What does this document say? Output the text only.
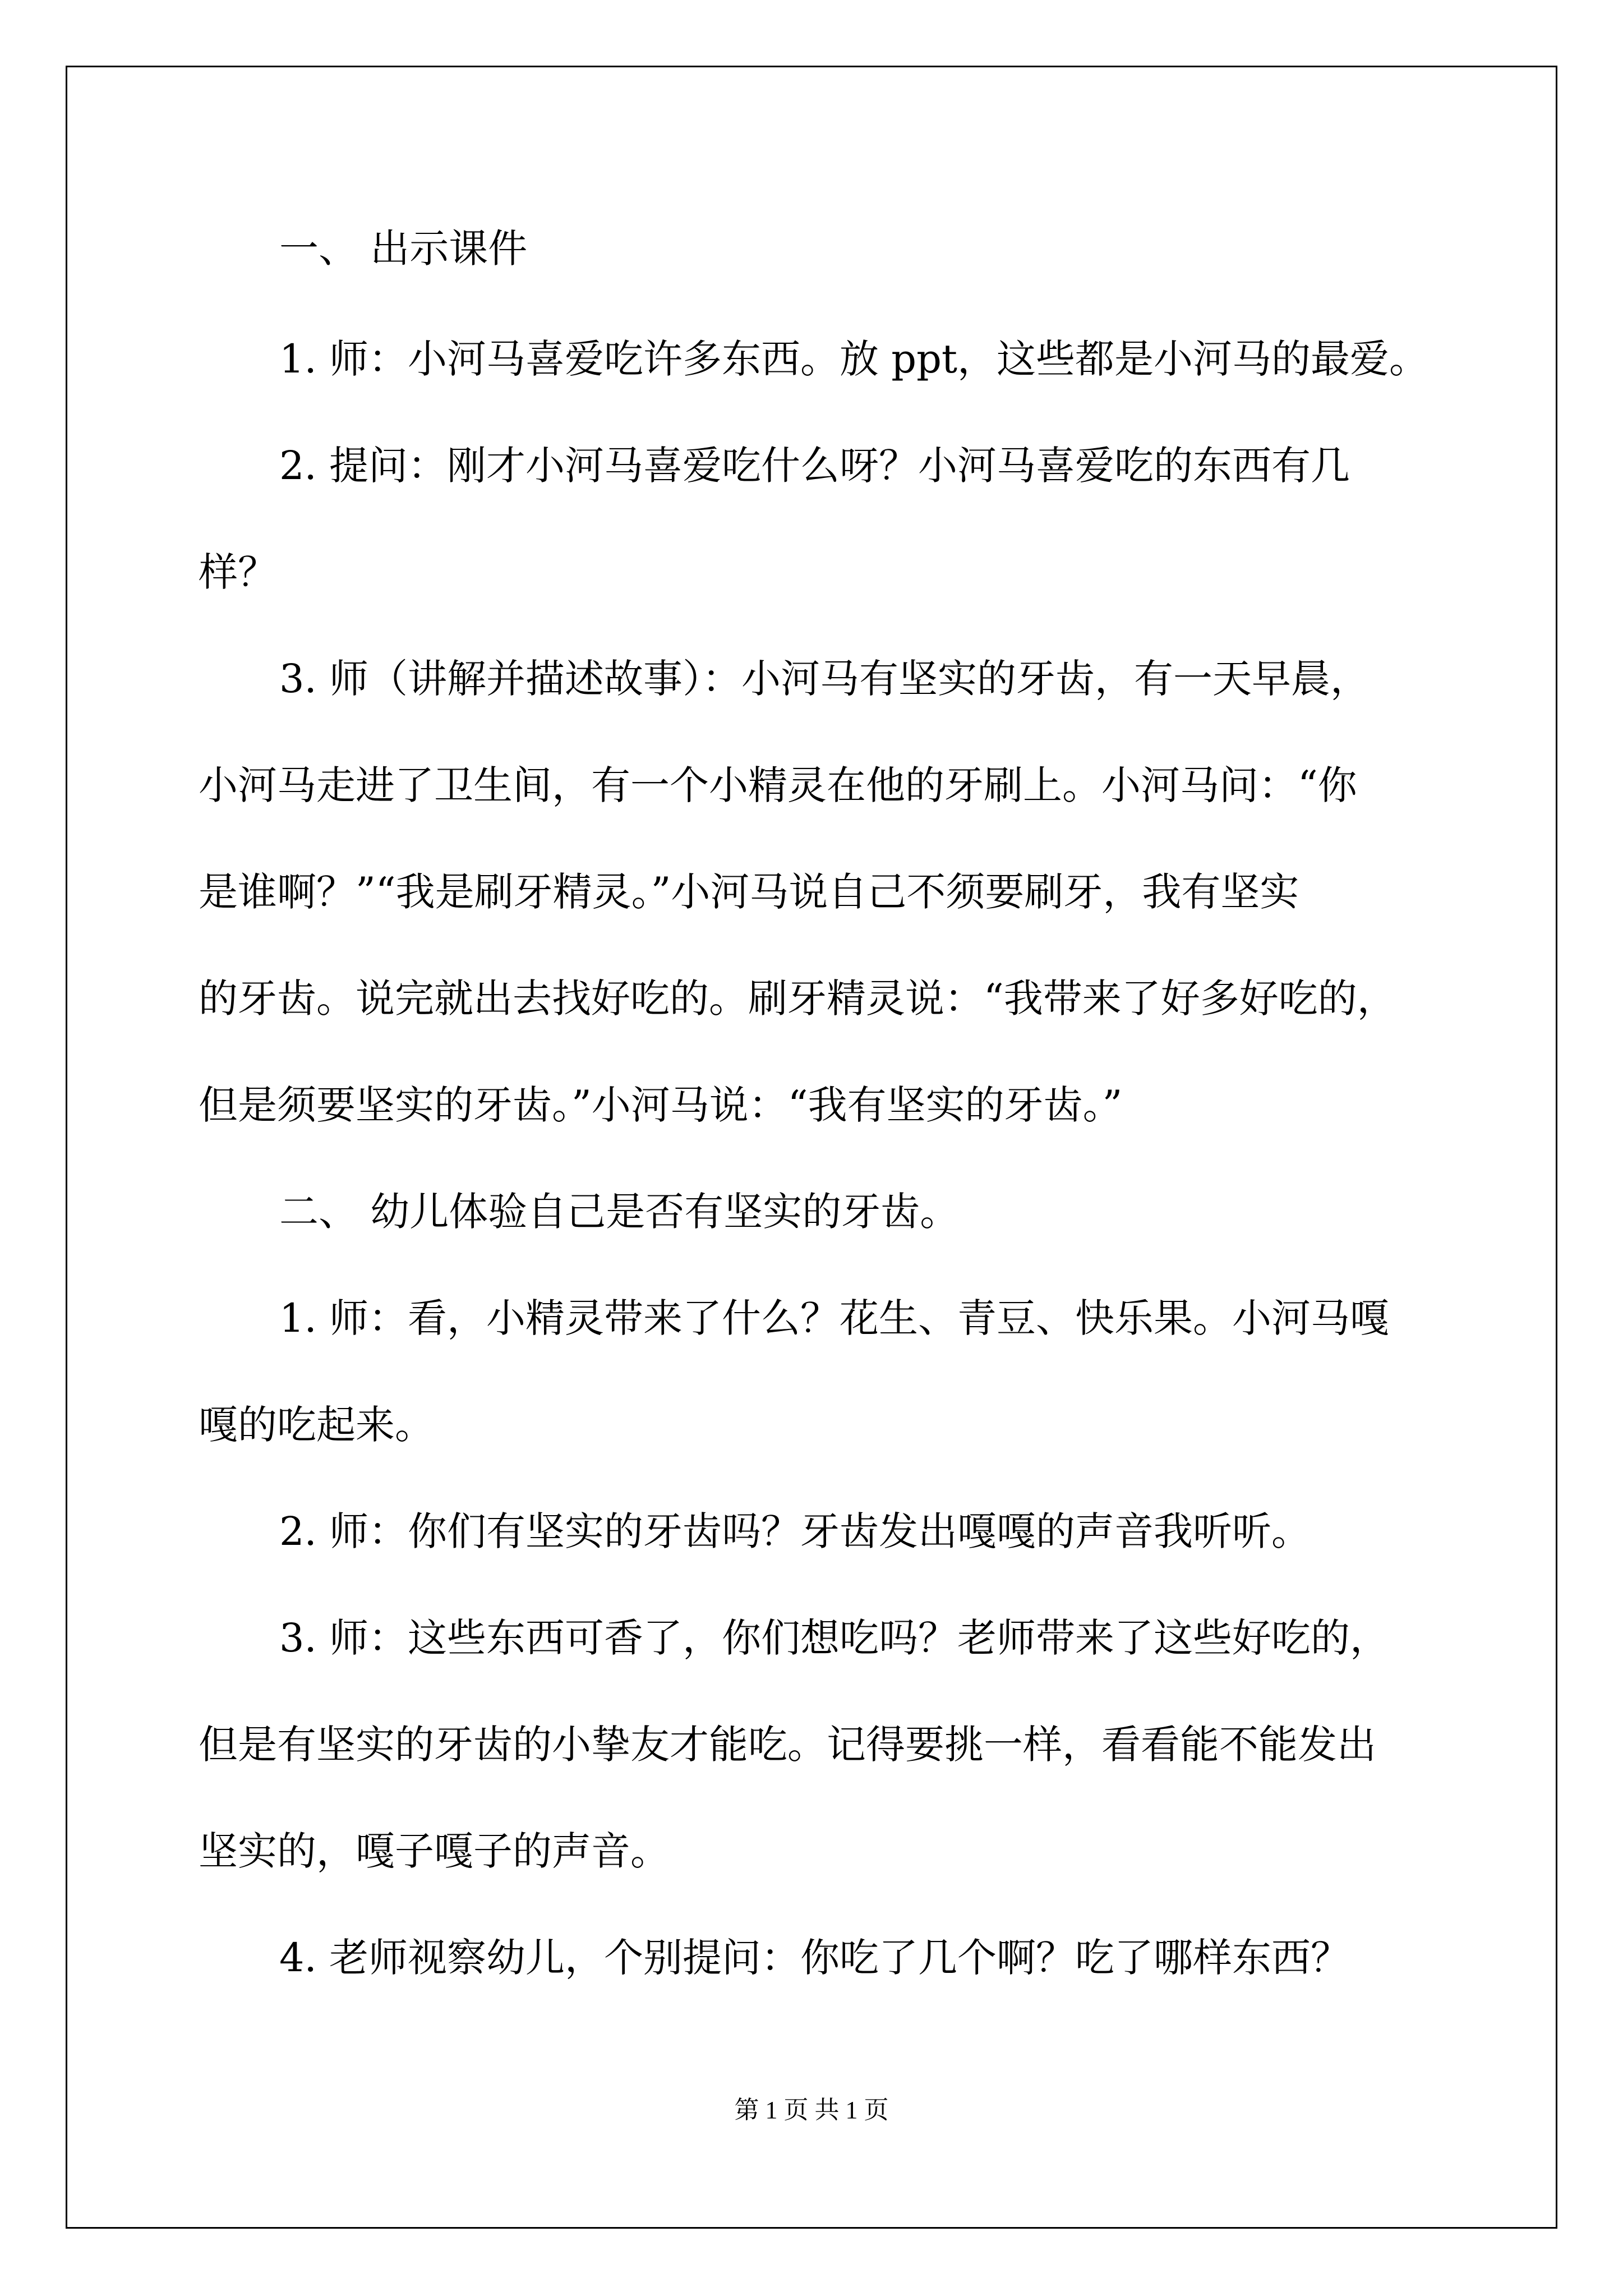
一、 出示课件
1. 师：小河马喜爱吃许多东西。放 ppt，这些都是小河马的最爱。
2. 提问：刚才小河马喜爱吃什么呀？小河马喜爱吃的东西有几
样？
3. 师（讲解并描述故事）：小河马有坚实的牙齿，有一天早晨，
小河马走进了卫生间，有一个小精灵在他的牙刷上。小河马问：“你
是谁啊？”“我是刷牙精灵。”小河马说自己不须要刷牙，我有坚实
的牙齿。说完就出去找好吃的。刷牙精灵说：“我带来了好多好吃的，
但是须要坚实的牙齿。”小河马说：“我有坚实的牙齿。”
二、 幼儿体验自己是否有坚实的牙齿。
1. 师：看，小精灵带来了什么？花生、青豆、快乐果。小河马嘎
嘎的吃起来。
2. 师：你们有坚实的牙齿吗？牙齿发出嘎嘎的声音我听听。
3. 师：这些东西可香了，你们想吃吗？老师带来了这些好吃的，
但是有坚实的牙齿的小挚友才能吃。记得要挑一样，看看能不能发出
坚实的，嘎子嘎子的声音。
4. 老师视察幼儿，个别提问：你吃了几个啊？吃了哪样东西？
第 1 页 共 1 页
